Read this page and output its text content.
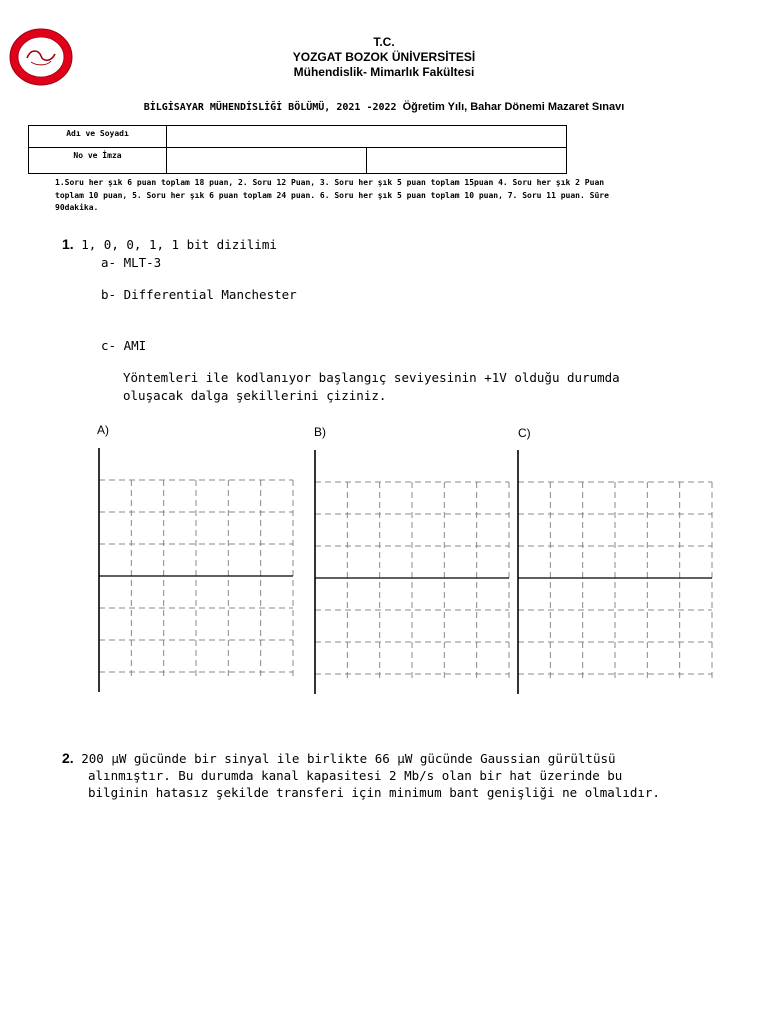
T.C.
YOZGAT BOZOK ÜNİVERSİTESİ
Mühendislik- Mimarlık Fakültesi
BİLGİSAYAR MÜHENDİSLİĞİ BÖLÜMÜ, 2021 -2022 Öğretim Yılı, Bahar Dönemi Mazaret Sınavı
Adı ve Soyadı		
No ve İmza		
1.Soru her şık 6 puan toplam 18 puan, 2. Soru 12 Puan, 3. Soru her şık 5 puan toplam 15puan 4. Soru her şık 2 Puan
toplam 10 puan, 5. Soru her şık 6 puan toplam 24 puan. 6. Soru her şık 5 puan toplam 10 puan, 7. Soru 11 puan. Süre
90dakika.
1. 1, 0, 0, 1, 1 bit dizilimi
a- MLT-3
b- Differential Manchester
c- AMI
Yöntemleri ile kodlanıyor başlangıç seviyesinin +1V olduğu durumda
oluşacak dalga şekillerini çiziniz.
A)	B)	C)
2. 200 µW gücünde bir sinyal ile birlikte 66 µW gücünde Gaussian gürültüsü
alınmıştır. Bu durumda kanal kapasitesi 2 Mb/s olan bir hat üzerinde bu
bilginin hatasız şekilde transferi için minimum bant genişliği ne olmalıdır.
